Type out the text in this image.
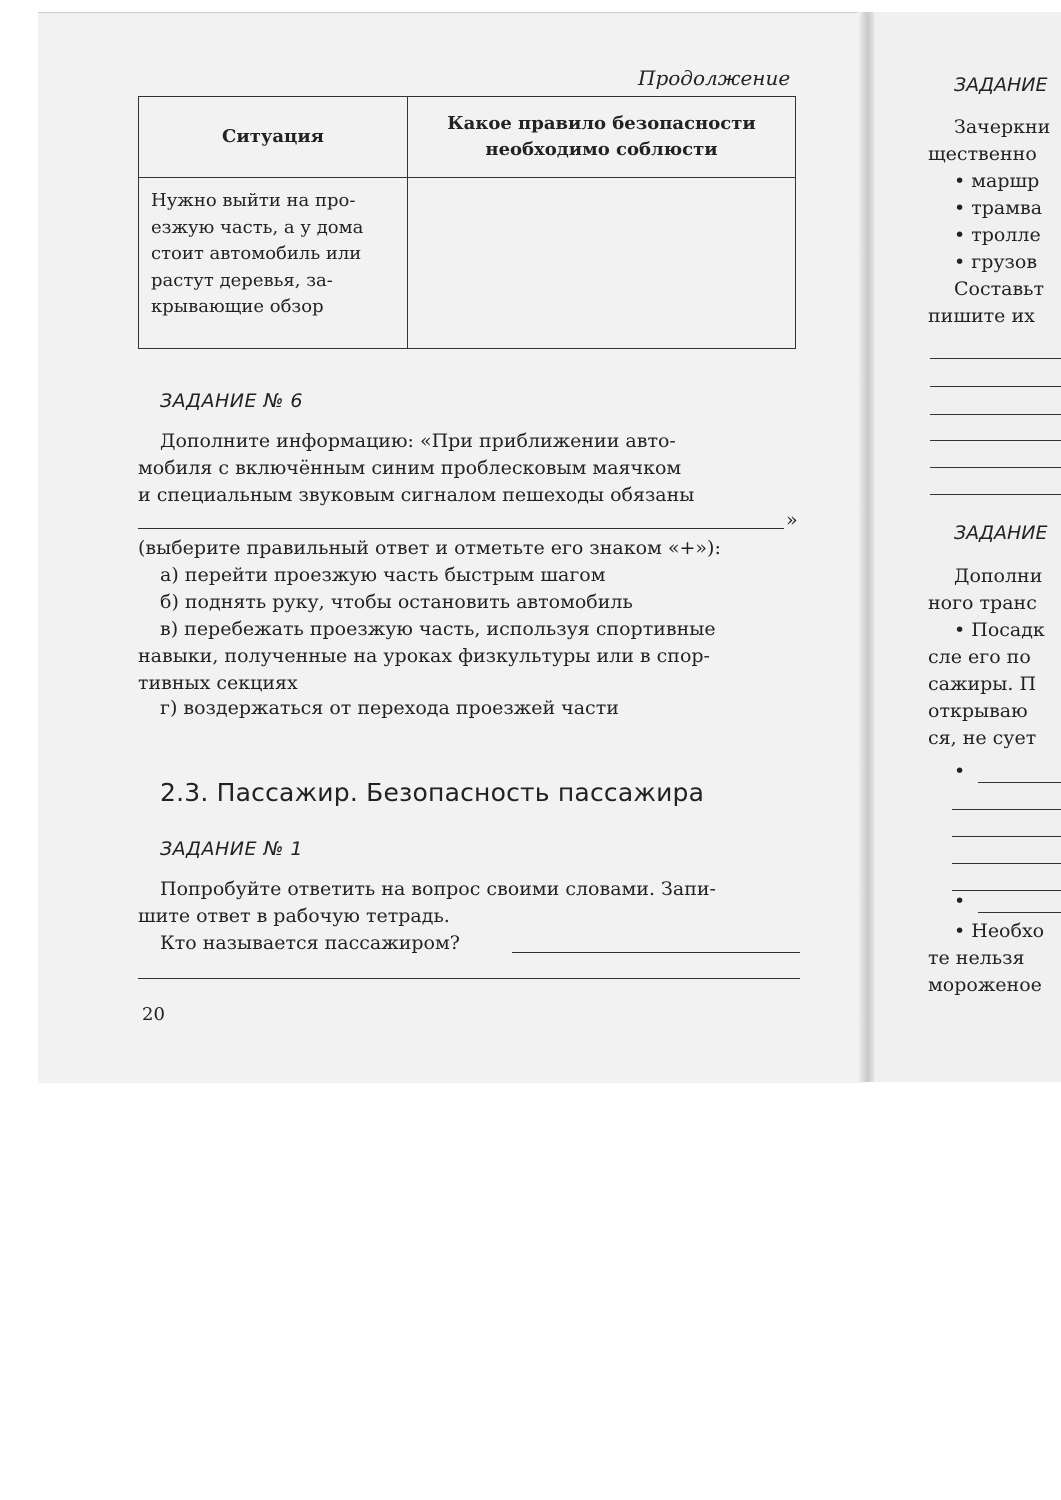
Продолжение
Ситуация	Какое правило безопасности
необходимо соблюсти

Нужно выйти на про-
езжую часть, а у дома
стоит автомобиль или
растут деревья, за-
крывающие обзор	

ЗАДАНИЕ № 6
Дополните информацию: «При приближении авто-
мобиля с включённым синим проблесковым маячком
и специальным звуковым сигналом пешеходы обязаны
»
(выберите правильный ответ и отметьте его знаком «+»):
а) перейти проезжую часть быстрым шагом
б) поднять руку, чтобы остановить автомобиль
в) перебежать проезжую часть, используя спортивные
навыки, полученные на уроках физкультуры или в спор-
тивных секциях
г) воздержаться от перехода проезжей части
2.3. Пассажир. Безопасность пассажира
ЗАДАНИЕ № 1
Попробуйте ответить на вопрос своими словами. Запи-
шите ответ в рабочую тетрадь.
Кто называется пассажиром?
20
ЗАДАНИЕ
Зачеркни
щественно
• маршр
• трамва
• тролле
• грузов
Составьт
пишите их
ЗАДАНИЕ
Дополни
ного транс
• Посадк
сле его по
сажиры. П
открываю
ся, не сует
•
•
• Необхо
те нельзя
мороженое
